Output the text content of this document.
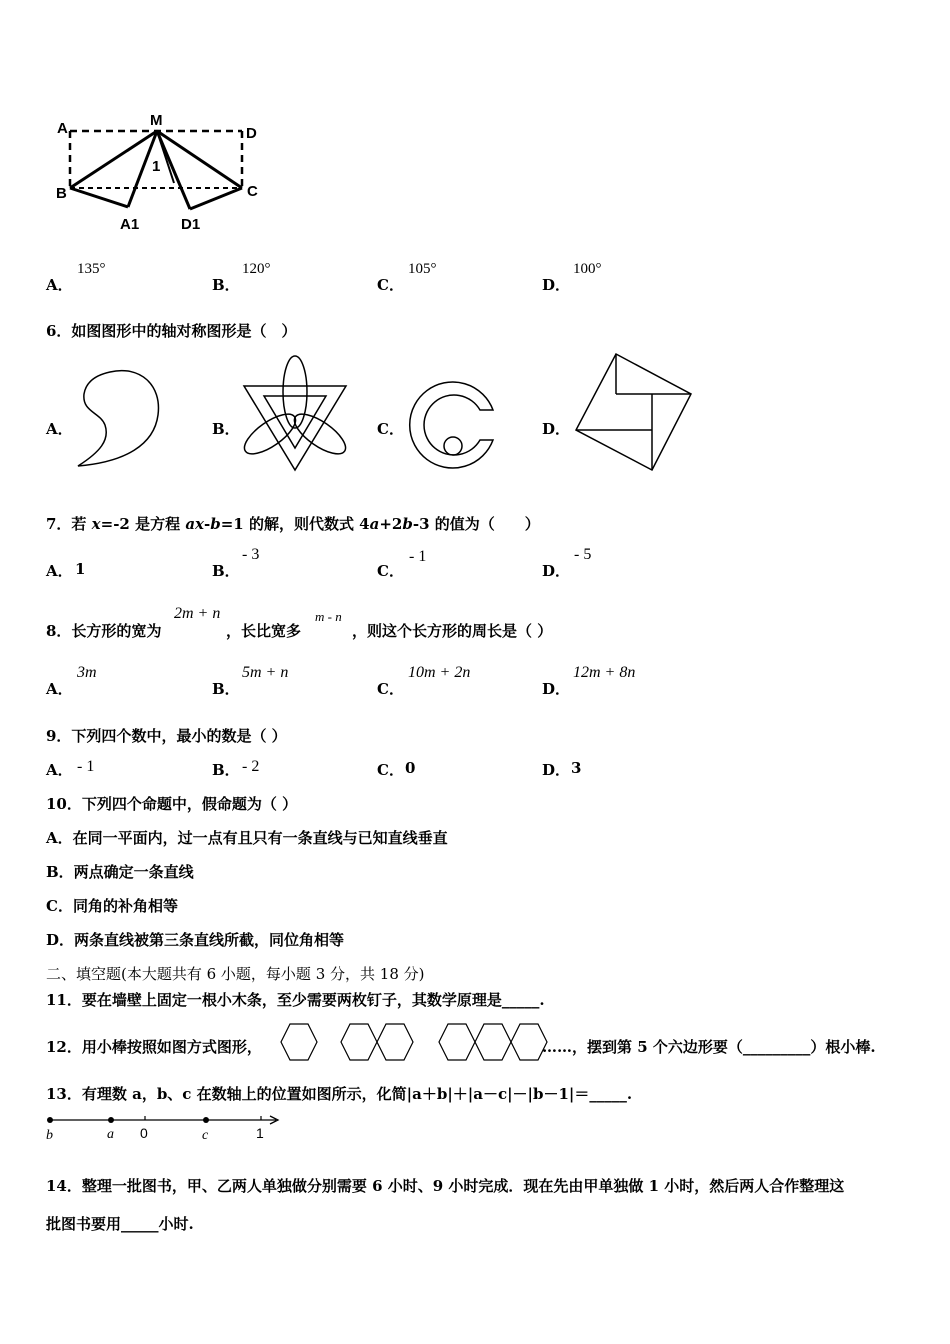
A	M
D
B	C
A1	D1
1
A．
135°
B．
120°
C．
105°
D．
100°
6．如图图形中的轴对称图形是（　）
A．	B．	C．	D．
7．若 x=-2 是方程 ax-b=1 的解，则代数式 4a+2b-3 的值为（　　）
A． 1	B．
- 3
C．
- 1
D．
- 5
8．长方形的宽为
2m + n
，长比宽多
m - n
，则这个长方形的周长是（ ）
A．
3m
B．
5m + n
C．
10m + 2n
D．
12m + 8n
9．下列四个数中，最小的数是（ ）
A． - 1	B． - 2	C． 0	D． 3
10．下列四个命题中，假命题为（ ）
A．在同一平面内，过一点有且只有一条直线与已知直线垂直
B．两点确定一条直线
C．同角的补角相等
D．两条直线被第三条直线所截，同位角相等
二、填空题(本大题共有 6 小题，每小题 3 分，共 18 分)
11．要在墙壁上固定一根小木条，至少需要两枚钉子，其数学原理是_____.
12．用小棒按照如图方式图形，	……，摆到第 5 个六边形要（_________）根小棒.
13．有理数 a，b、c 在数轴上的位置如图所示，化简|a＋b|＋|a－c|－|b－1|＝_____.
b	a 0	c	1
14．整理一批图书，甲、乙两人单独做分别需要 6 小时、9 小时完成．现在先由甲单独做 1 小时，然后两人合作整理这
批图书要用_____小时.
